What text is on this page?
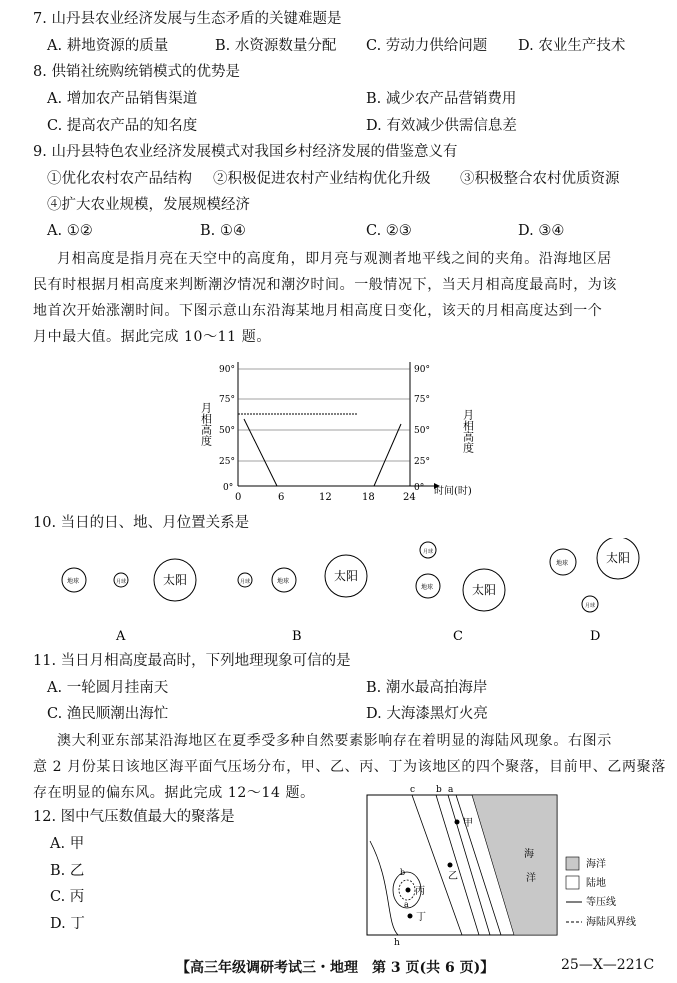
7. 山丹县农业经济发展与生态矛盾的关键难题是
A. 耕地资源的质量	B. 水资源数量分配 C. 劳动力供给问题 D. 农业生产技术
8. 供销社统购统销模式的优势是
A. 增加农产品销售渠道	B. 减少农产品营销费用
C. 提高农产品的知名度	D. 有效减少供需信息差
9. 山丹县特色农业经济发展模式对我国乡村经济发展的借鉴意义有
①优化农村农产品结构 ②积极促进农村产业结构优化升级 ③积极整合农村优质资源
④扩大农业规模，发展规模经济
A. ①②	B. ①④	C. ②③	D. ③④
月相高度是指月亮在天空中的高度角，即月亮与观测者地平线之间的夹角。沿海地区居
民有时根据月相高度来判断潮汐情况和潮汐时间。一般情况下，当天月相高度最高时，为该
地首次开始涨潮时间。下图示意山东沿海某地月相高度日变化，该天的月相高度达到一个
月中最大值。据此完成 10～11 题。
0°
25°
50°
75°
90°
0°
25°
50°
75°
90°
0	6	12	18	24
时间(时)
月相高度	月相高度
10. 当日的日、地、月位置关系是
地球	月球	太阳	月球	地球	太阳
月球
地球	太阳
地球
月球
太阳
A	B	C	D
11. 当日月相高度最高时，下列地理现象可信的是
A. 一轮圆月挂南天	B. 潮水最高拍海岸
C. 渔民顺潮出海忙	D. 大海漆黑灯火亮
澳大利亚东部某沿海地区在夏季受多种自然要素影响存在着明显的海陆风现象。右图示
意 2 月份某日该地区海平面气压场分布，甲、乙、丙、丁为该地区的四个聚落，目前甲、乙两聚落
存在明显的偏东风。据此完成 12～14 题。
12. 图中气压数值最大的聚落是
A. 甲
B. 乙
C. 丙
D. 丁
海
洋
c b a
h
b
a
甲
乙
丙
丁
海洋
陆地
等压线
海陆风界线
【高三年级调研考试三・地理　第 3 页(共 6 页)】	25—X—221C
